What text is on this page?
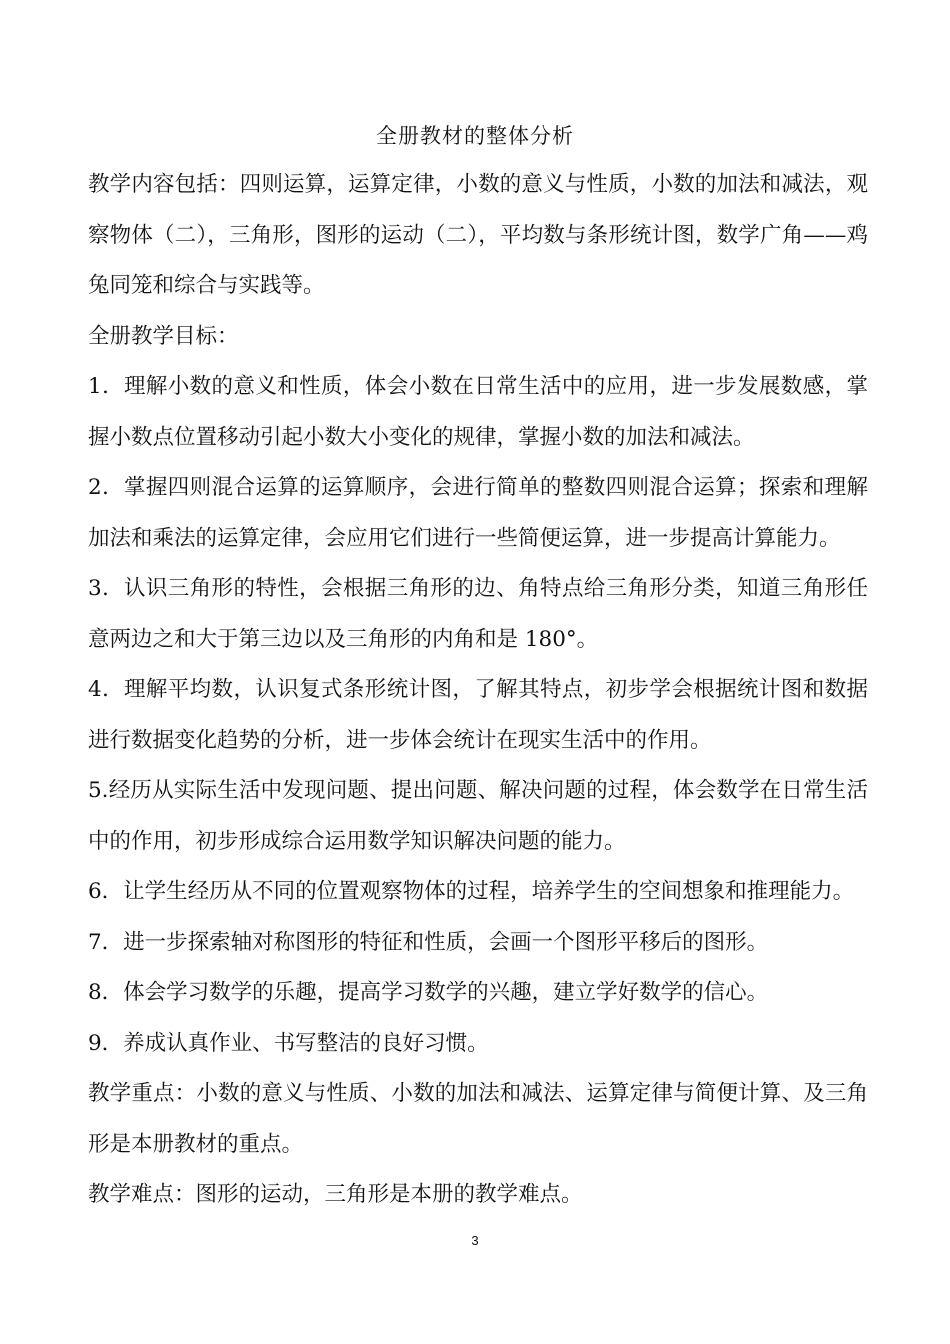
全册教材的整体分析

教学内容包括：四则运算，运算定律，小数的意义与性质，小数的加法和减法，观察物体（二），三角形，图形的运动（二），平均数与条形统计图，数学广角——鸡兔同笼和综合与实践等。

全册教学目标：

1．理解小数的意义和性质，体会小数在日常生活中的应用，进一步发展数感，掌握小数点位置移动引起小数大小变化的规律，掌握小数的加法和减法。

2．掌握四则混合运算的运算顺序，会进行简单的整数四则混合运算；探索和理解加法和乘法的运算定律，会应用它们进行一些简便运算，进一步提高计算能力。

3．认识三角形的特性，会根据三角形的边、角特点给三角形分类，知道三角形任意两边之和大于第三边以及三角形的内角和是 180°。

4．理解平均数，认识复式条形统计图，了解其特点，初步学会根据统计图和数据进行数据变化趋势的分析，进一步体会统计在现实生活中的作用。

5.经历从实际生活中发现问题、提出问题、解决问题的过程，体会数学在日常生活中的作用，初步形成综合运用数学知识解决问题的能力。

6．让学生经历从不同的位置观察物体的过程，培养学生的空间想象和推理能力。

7．进一步探索轴对称图形的特征和性质，会画一个图形平移后的图形。

8．体会学习数学的乐趣，提高学习数学的兴趣，建立学好数学的信心。

9．养成认真作业、书写整洁的良好习惯。

教学重点：小数的意义与性质、小数的加法和减法、运算定律与简便计算、及三角形是本册教材的重点。

教学难点：图形的运动，三角形是本册的教学难点。

3
